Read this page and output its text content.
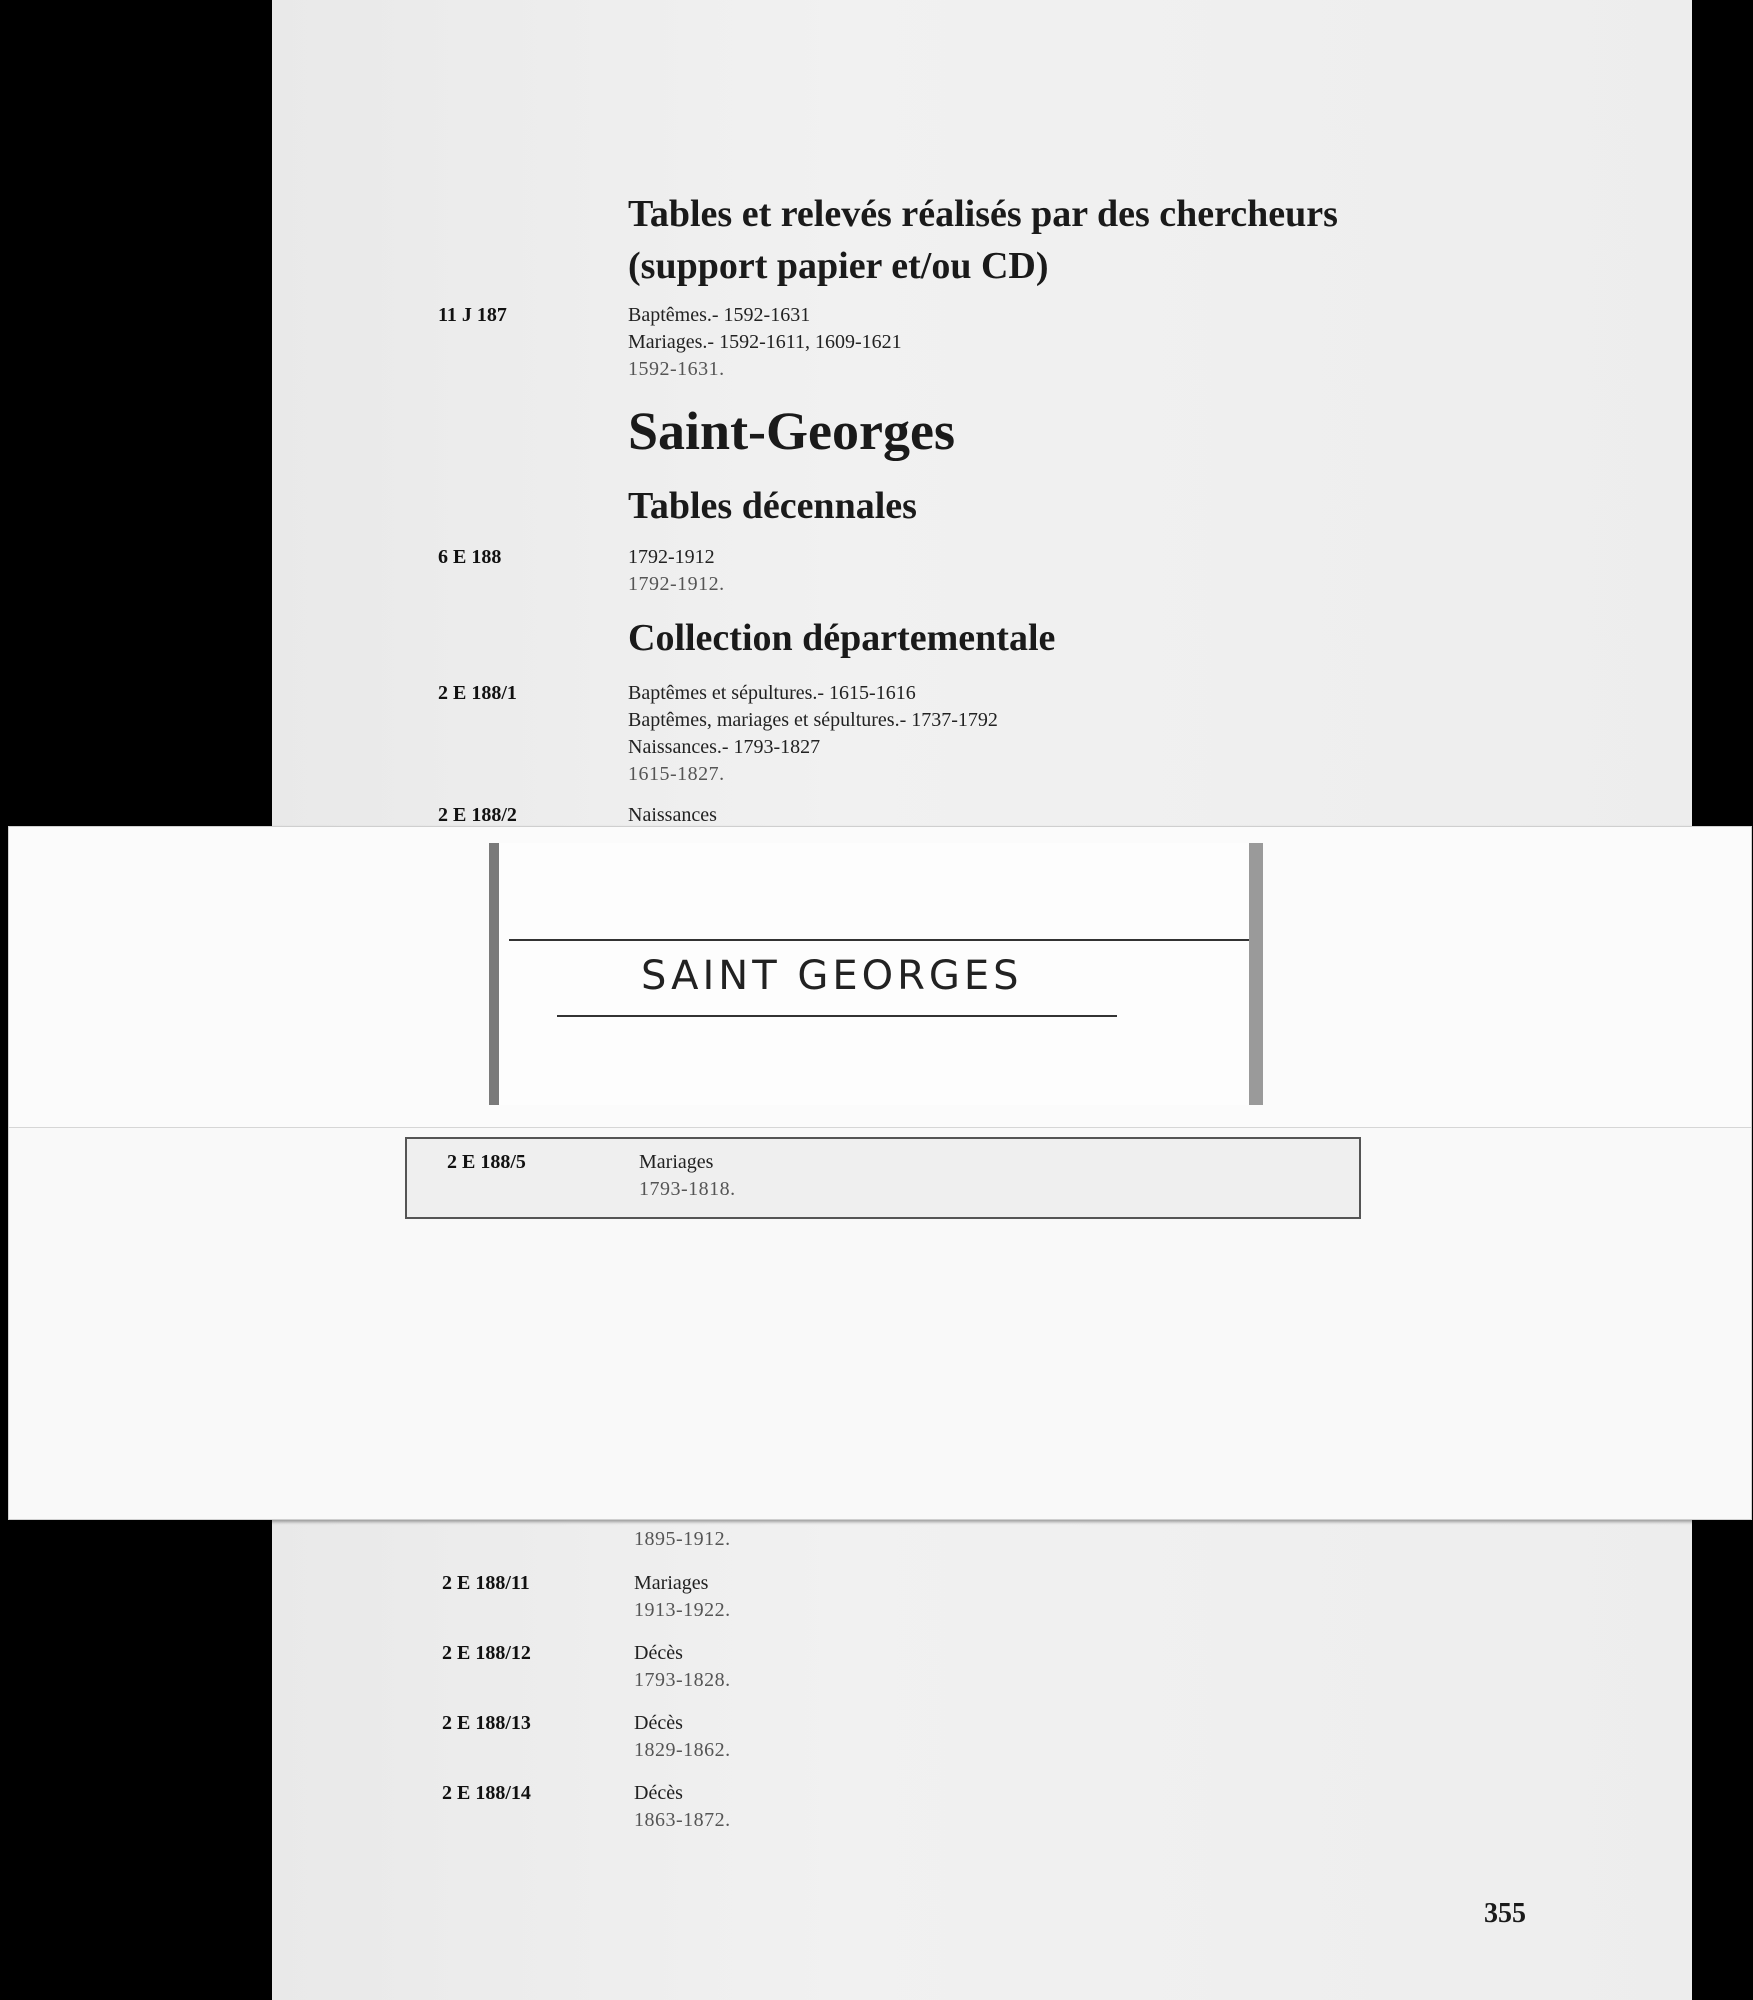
Tables et relevés réalisés par des chercheurs
(support papier et/ou CD)
11 J 187	Baptêmes.- 1592-1631
Mariages.- 1592-1611, 1609-1621
1592-1631.
Saint-Georges
Tables décennales
6 E 188	1792-1912
1792-1912.
Collection départementale
2 E 188/1	Baptêmes et sépultures.- 1615-1616
Baptêmes, mariages et sépultures.- 1737-1792
Naissances.- 1793-1827
1615-1827.
2 E 188/2	Naissances
SAINT GEORGES
2 E 188/5	Mariages
1793-1818.
1895-1912.
2 E 188/11	Mariages
1913-1922.
2 E 188/12	Décès
1793-1828.
2 E 188/13	Décès
1829-1862.
2 E 188/14	Décès
1863-1872.
355
